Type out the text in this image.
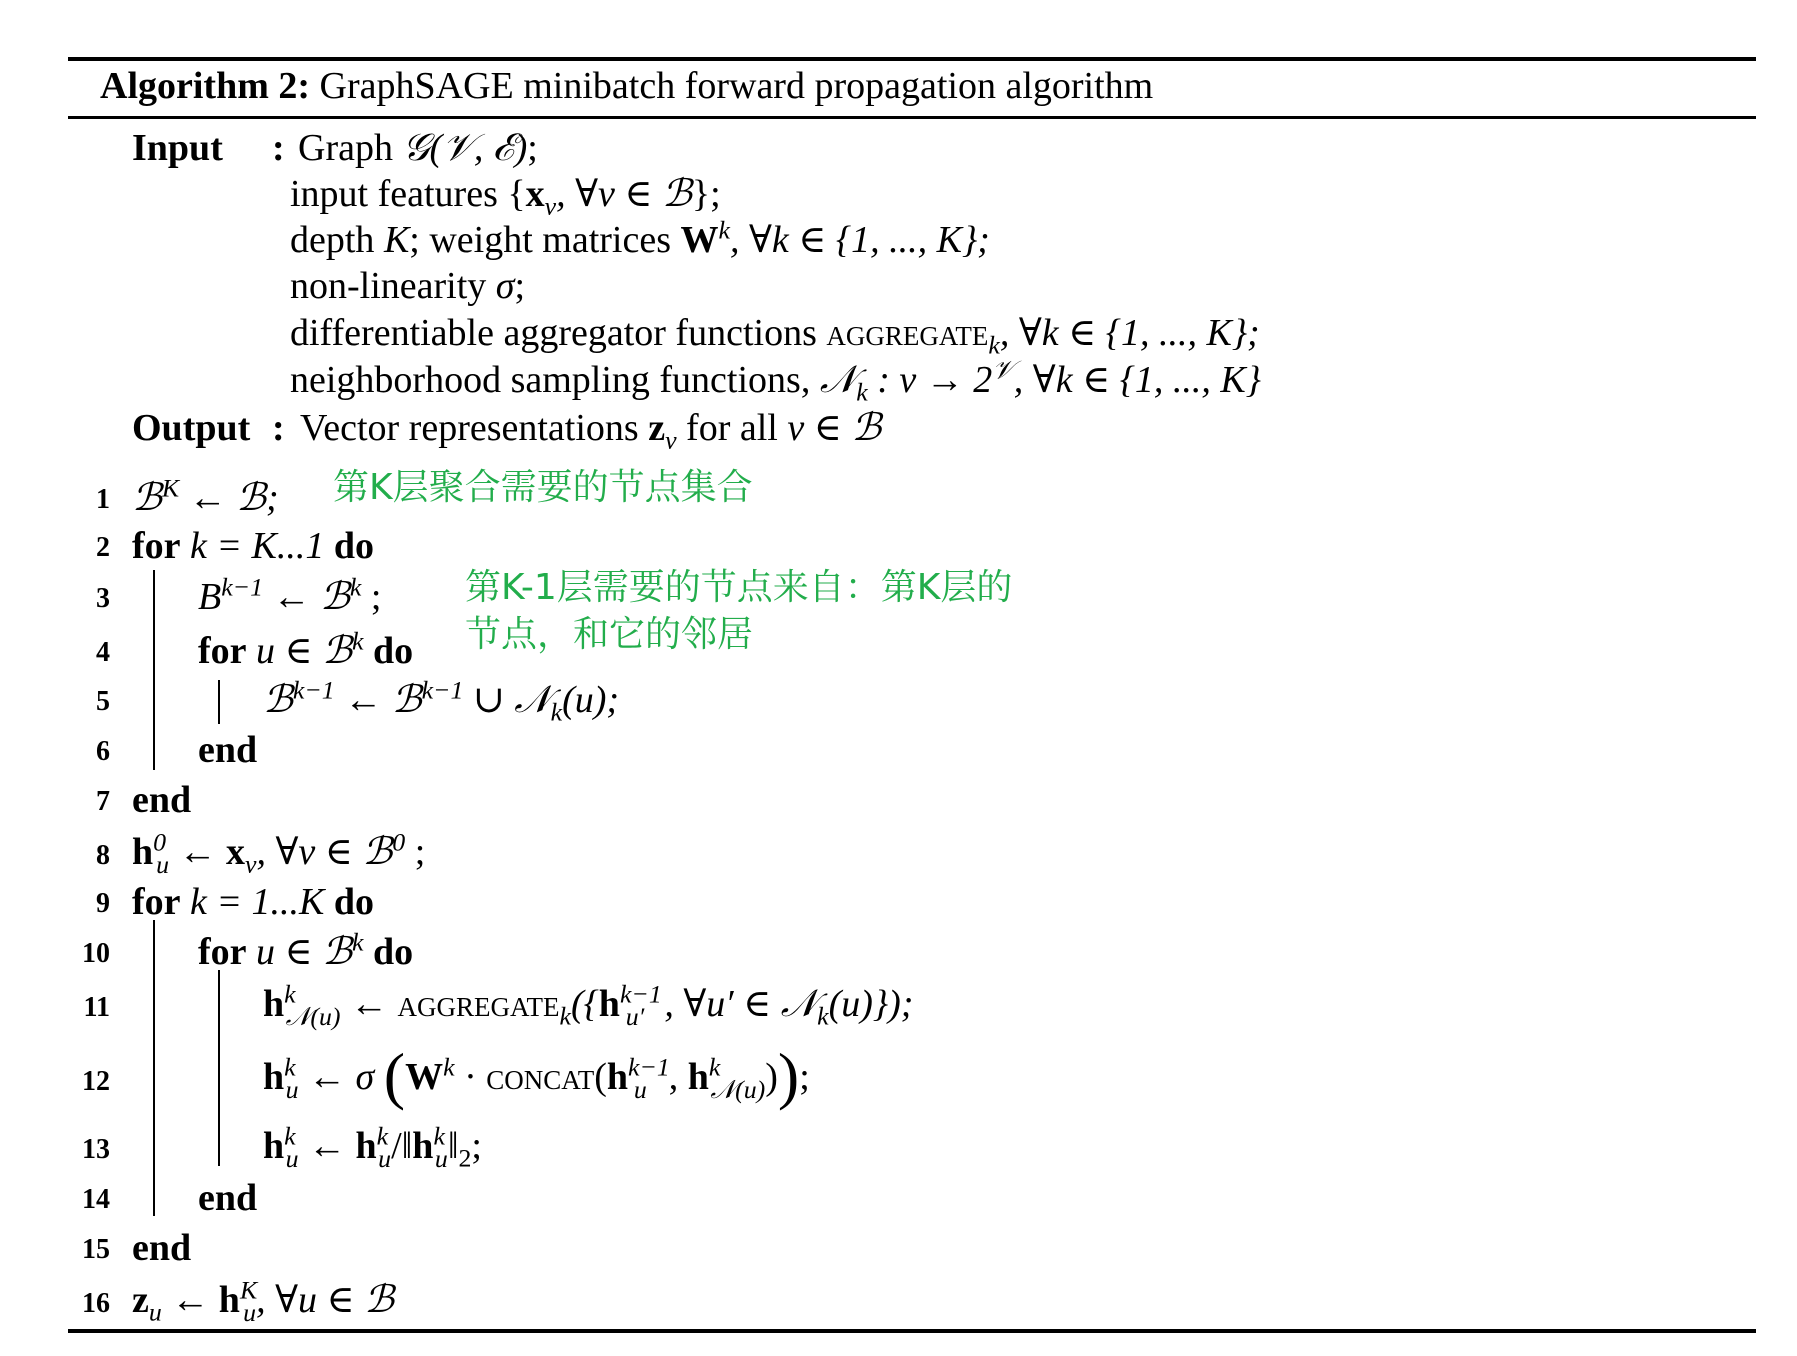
Algorithm 2: GraphSAGE minibatch forward propagation algorithm
Input : Graph 𝒢(𝒱, ℰ);
input features {$x_v$, ∀v ∈ ℬ};
depth K; weight matrices $W^k$, ∀k ∈ {1, ..., K};
non-linearity σ;
differentiable aggregator functions aggregate$_k$, ∀k ∈ {1, ..., K};
neighborhood sampling functions, 𝒩$_k$ : $v \to 2^𝒱$, ∀k ∈ {1, ..., K}
Output : Vector representations $z_v$ for all v ∈ ℬ
1
2
3
4
5
6
7
8
9
10
11
12
13
14
15
16
ℬ$^K$ ← ℬ; 第K层聚合需要的节点集合
for k = K...1 do
$B^{k-1}$ ← ℬ$^k$ ; 第K-1层需要的节点来自：第K层的
节点，和它的邻居
for u ∈ ℬ$^k$ do
ℬ$^{k-1}$ ← ℬ$^{k-1}$ ∪ 𝒩$_k$(u);
end
end
$h^0_u$ ← $x_v$, ∀v ∈ ℬ$^0$ ;
for k = 1...K do
for u ∈ ℬ$^k$ do
$h^k_{𝒩(u)}$ ← $aggregate_k(\{h^{k-1}_{u'}$ , ∀u′ ∈ 𝒩$_k$(u)});
$h^k_u$ ← σ ($W^k$ · $concat(h^{k-1}_u$ , $h^k_{𝒩(u)}$));
$h^k_u$ ← $h^k_u/‖h^k_u‖_2$;
end
end
$z_u$ ← $h^K_u$, ∀u ∈ ℬ
